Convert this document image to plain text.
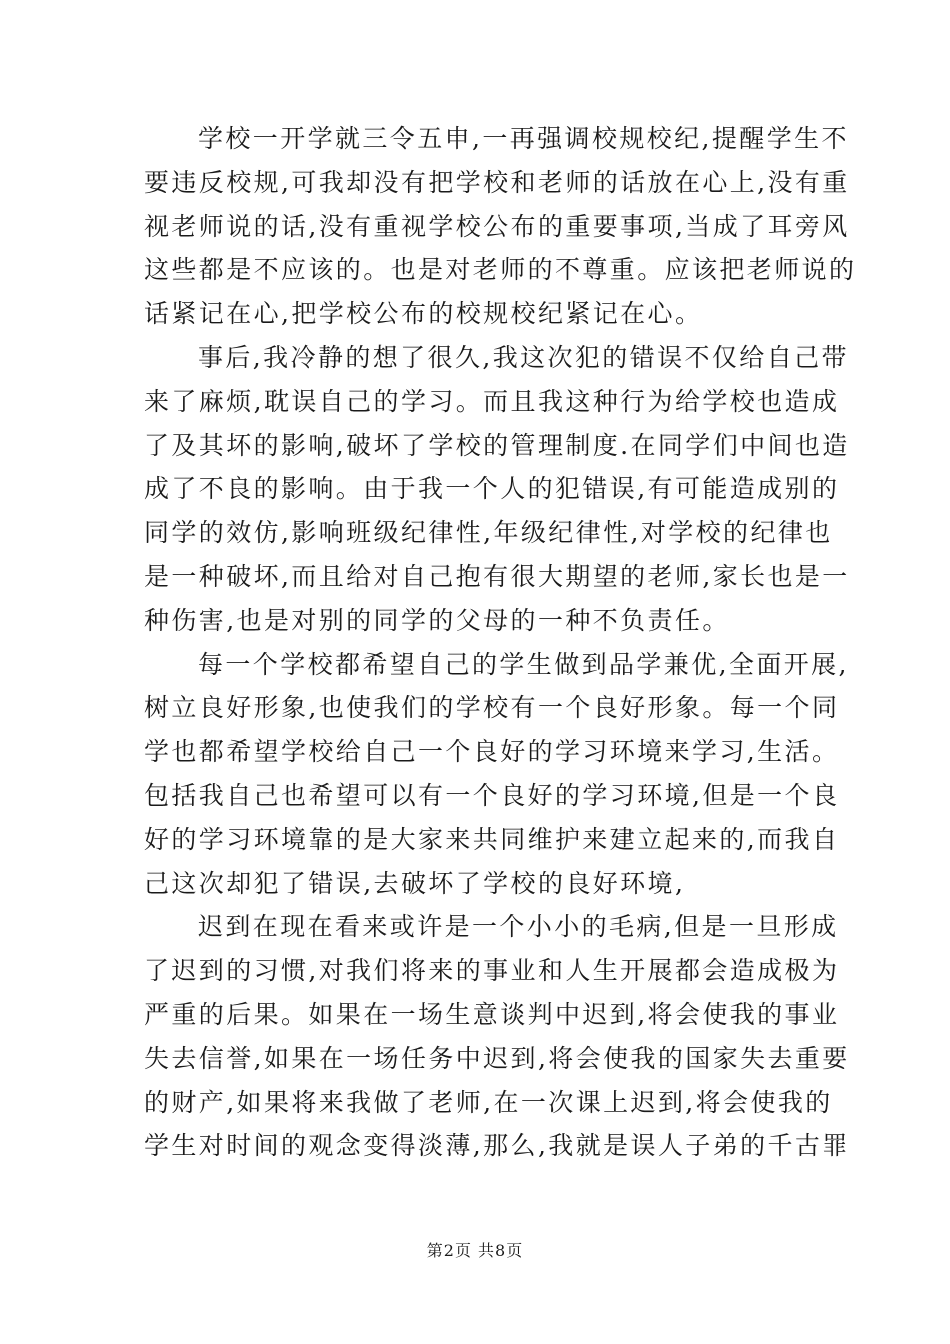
学校一开学就三令五申,一再强调校规校纪,提醒学生不
要违反校规,可我却没有把学校和老师的话放在心上,没有重
视老师说的话,没有重视学校公布的重要事项,当成了耳旁风
这些都是不应该的。也是对老师的不尊重。应该把老师说的
话紧记在心,把学校公布的校规校纪紧记在心。
事后,我冷静的想了很久,我这次犯的错误不仅给自己带
来了麻烦,耽误自己的学习。而且我这种行为给学校也造成
了及其坏的影响,破坏了学校的管理制度.在同学们中间也造
成了不良的影响。由于我一个人的犯错误,有可能造成别的
同学的效仿,影响班级纪律性,年级纪律性,对学校的纪律也
是一种破坏,而且给对自己抱有很大期望的老师,家长也是一
种伤害,也是对别的同学的父母的一种不负责任。
每一个学校都希望自己的学生做到品学兼优,全面开展,
树立良好形象,也使我们的学校有一个良好形象。每一个同
学也都希望学校给自己一个良好的学习环境来学习,生活。
包括我自己也希望可以有一个良好的学习环境,但是一个良
好的学习环境靠的是大家来共同维护来建立起来的,而我自
己这次却犯了错误,去破坏了学校的良好环境,
迟到在现在看来或许是一个小小的毛病,但是一旦形成
了迟到的习惯,对我们将来的事业和人生开展都会造成极为
严重的后果。如果在一场生意谈判中迟到,将会使我的事业
失去信誉,如果在一场任务中迟到,将会使我的国家失去重要
的财产,如果将来我做了老师,在一次课上迟到,将会使我的
学生对时间的观念变得淡薄,那么,我就是误人子弟的千古罪
第2页 共8页
